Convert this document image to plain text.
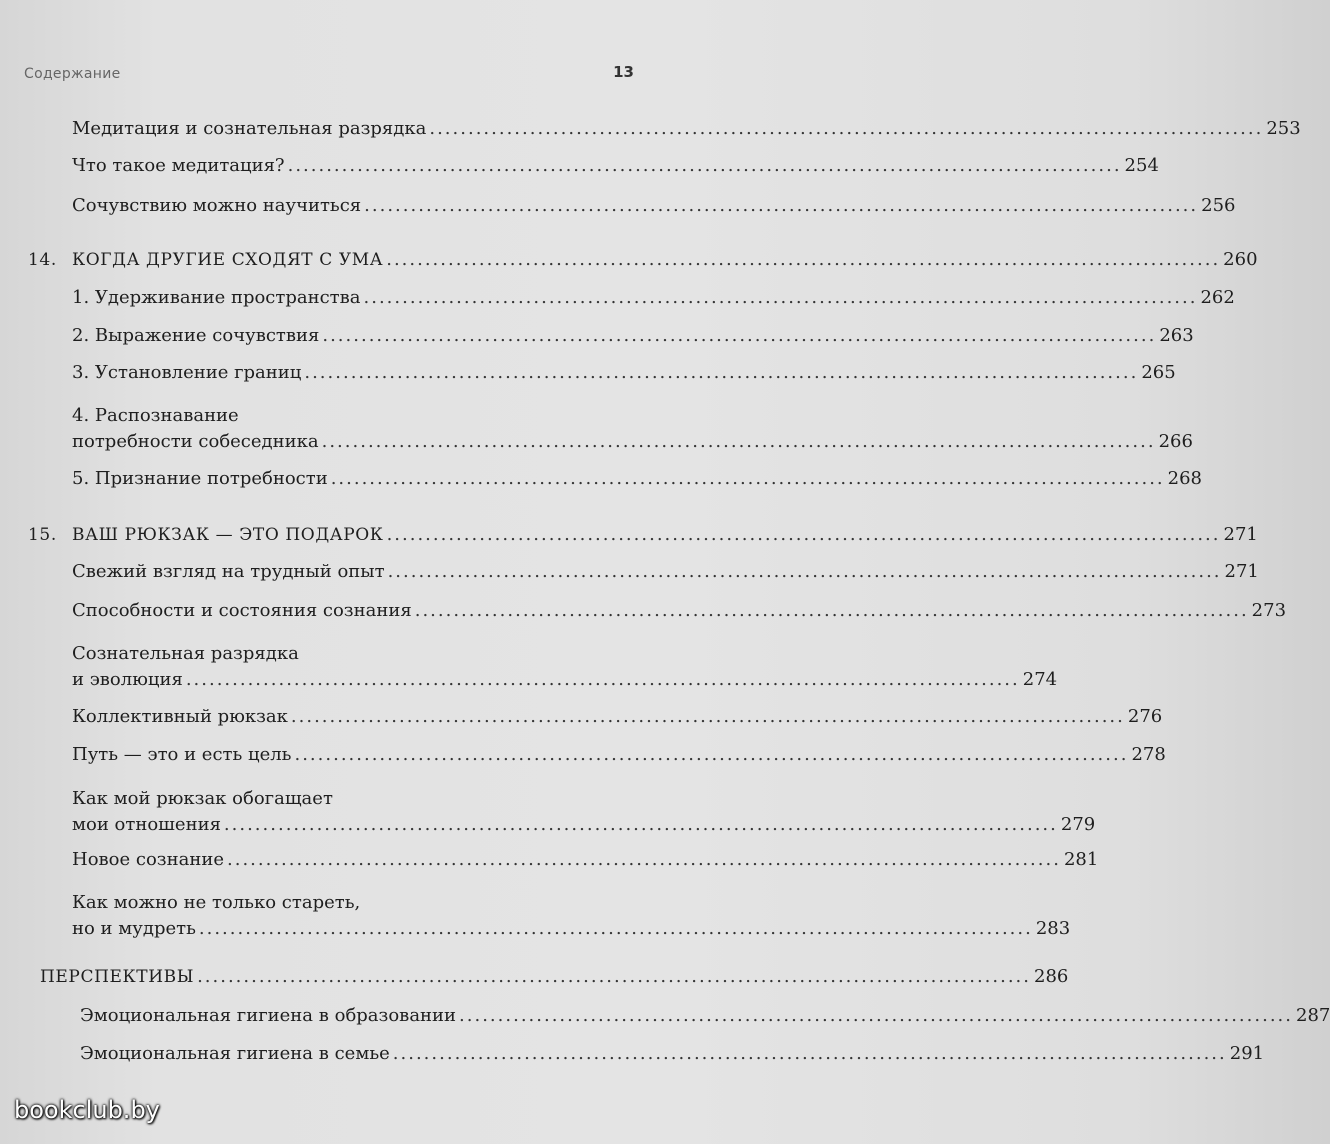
Содержание	13
Медитация и сознательная разрядка ............................................................................................................ 253
Что такое медитация? ............................................................................................................ 254
Сочувствию можно научиться ............................................................................................................ 256
14. КОГДА ДРУГИЕ СХОДЯТ С УМА ............................................................................................................ 260
1. Удерживание пространства ............................................................................................................ 262
2. Выражение сочувствия ............................................................................................................ 263
3. Установление границ ............................................................................................................ 265
4. Распознавание
потребности собеседника ............................................................................................................ 266
5. Признание потребности ............................................................................................................ 268
15. ВАШ РЮКЗАК — ЭТО ПОДАРОК ............................................................................................................ 271
Свежий взгляд на трудный опыт ............................................................................................................ 271
Способности и состояния сознания ............................................................................................................ 273
Сознательная разрядка
и эволюция ............................................................................................................ 274
Коллективный рюкзак ............................................................................................................ 276
Путь — это и есть цель ............................................................................................................ 278
Как мой рюкзак обогащает
мои отношения ............................................................................................................ 279
Новое сознание ............................................................................................................ 281
Как можно не только стареть,
но и мудреть ............................................................................................................ 283
ПЕРСПЕКТИВЫ ............................................................................................................ 286
Эмоциональная гигиена в образовании ............................................................................................................ 287
Эмоциональная гигиена в семье ............................................................................................................ 291
bookclub.by
